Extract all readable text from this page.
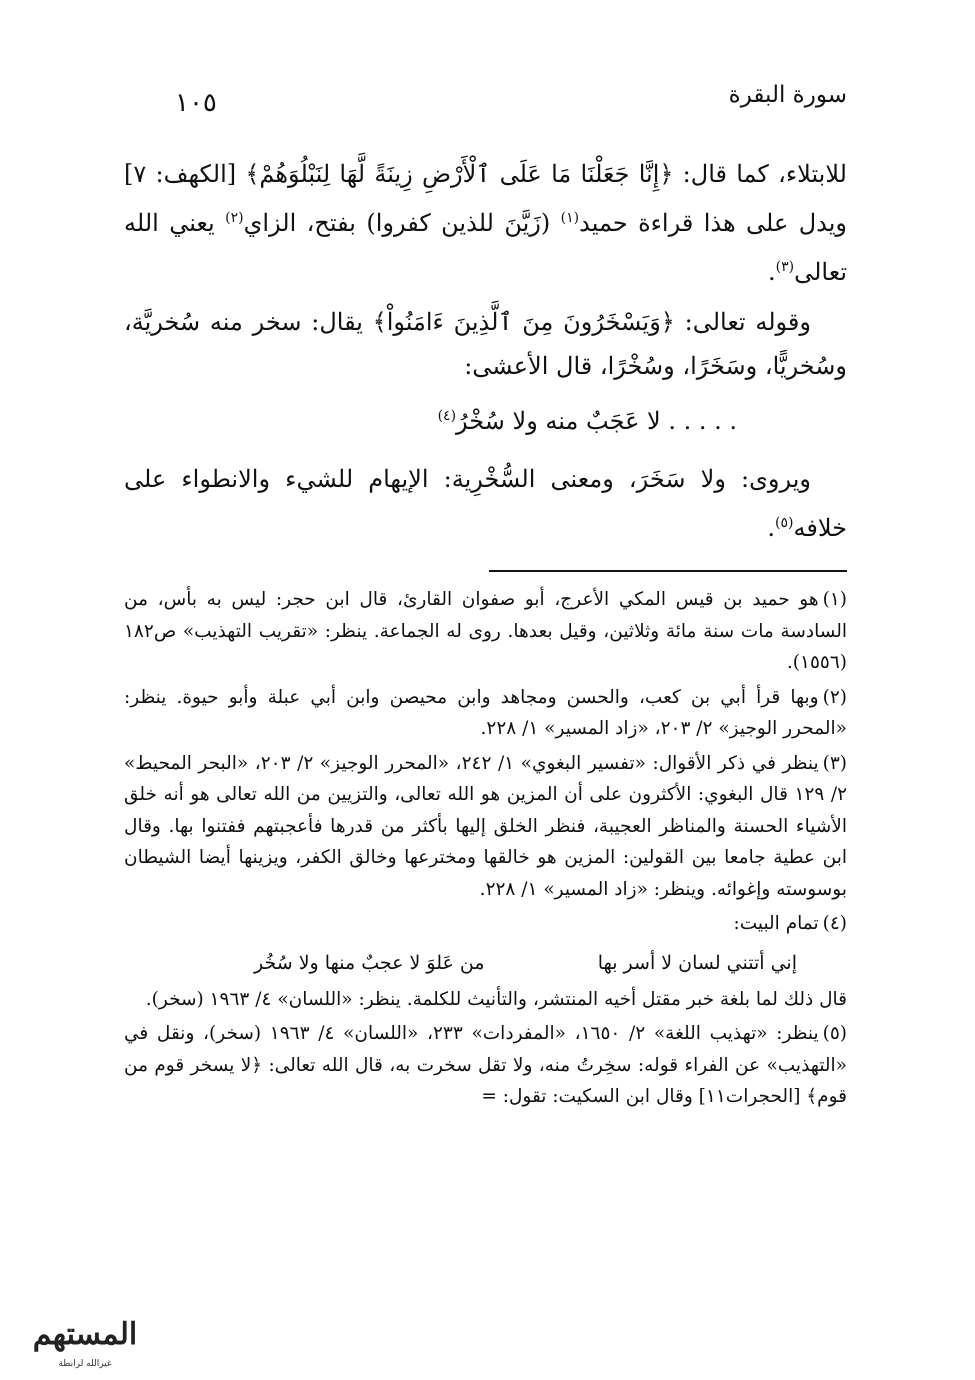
سورة البقرة
١٠٥

للابتلاء، كما قال: ﴿إِنَّا جَعَلْنَا مَا عَلَى ٱلْأَرْضِ زِينَةً لَّهَا لِنَبْلُوَهُمْ﴾ [الكهف: ٧] ويدل على هذا قراءة حميد$^{(١)}$ (زَيَّنَ للذين كفروا) بفتح، الزاي$^{(٢)}$ يعني الله تعالى$^{(٣)}$.

وقوله تعالى: ﴿وَيَسْخَرُونَ مِنَ ٱلَّذِينَ ءَامَنُواْ﴾ يقال: سخر منه سُخريَّة، وسُخريًّا، وسَخَرًا، وسُخْرًا، قال الأعشى:

. . . . . لا عَجَبٌ منه ولا سُخْرُ$^{(٤)}$

ويروى: ولا سَخَرَ، ومعنى السُّخْرِية: الإيهام للشيء والانطواء على خلافه$^{(٥)}$.

(١)هو حميد بن قيس المكي الأعرج، أبو صفوان القارئ، قال ابن حجر: ليس به بأس، من السادسة مات سنة مائة وثلاثين، وقيل بعدها. روى له الجماعة. ينظر: «تقريب التهذيب» ص١٨٢ (١٥٥٦).

(٢)وبها قرأ أبي بن كعب، والحسن ومجاهد وابن محيصن وابن أبي عبلة وأبو حيوة. ينظر: «المحرر الوجيز» ٢/ ٢٠٣، «زاد المسير» ١/ ٢٢٨.

(٣)ينظر في ذكر الأقوال: «تفسير البغوي» ١/ ٢٤٢، «المحرر الوجيز» ٢/ ٢٠٣، «البحر المحيط» ٢/ ١٢٩ قال البغوي: الأكثرون على أن المزين هو الله تعالى، والتزيين من الله تعالى هو أنه خلق الأشياء الحسنة والمناظر العجيبة، فنظر الخلق إليها بأكثر من قدرها فأعجبتهم ففتنوا بها. وقال ابن عطية جامعا بين القولين: المزين هو خالقها ومخترعها وخالق الكفر، ويزينها أيضا الشيطان بوسوسته وإغوائه. وينظر: «زاد المسير» ١/ ٢٢٨.

(٤)تمام البيت:

إني أتتني لسان لا أسر بها
من عَلوَ لا عجبٌ منها ولا سُخُر

قال ذلك لما بلغة خبر مقتل أخيه المنتشر، والتأنيث للكلمة. ينظر: «اللسان» ٤/ ١٩٦٣ (سخر).

(٥)ينظر: «تهذيب اللغة» ٢/ ١٦٥٠، «المفردات» ٢٣٣، «اللسان» ٤/ ١٩٦٣ (سخر)، ونقل في «التهذيب» عن الفراء قوله: سخِرتُ منه، ولا تقل سخرت به، قال الله تعالى: ﴿لا يسخر قوم من قوم﴾ [الحجرات١١] وقال ابن السكيت: تقول: =

المستهم
غيرالله لرابطة
